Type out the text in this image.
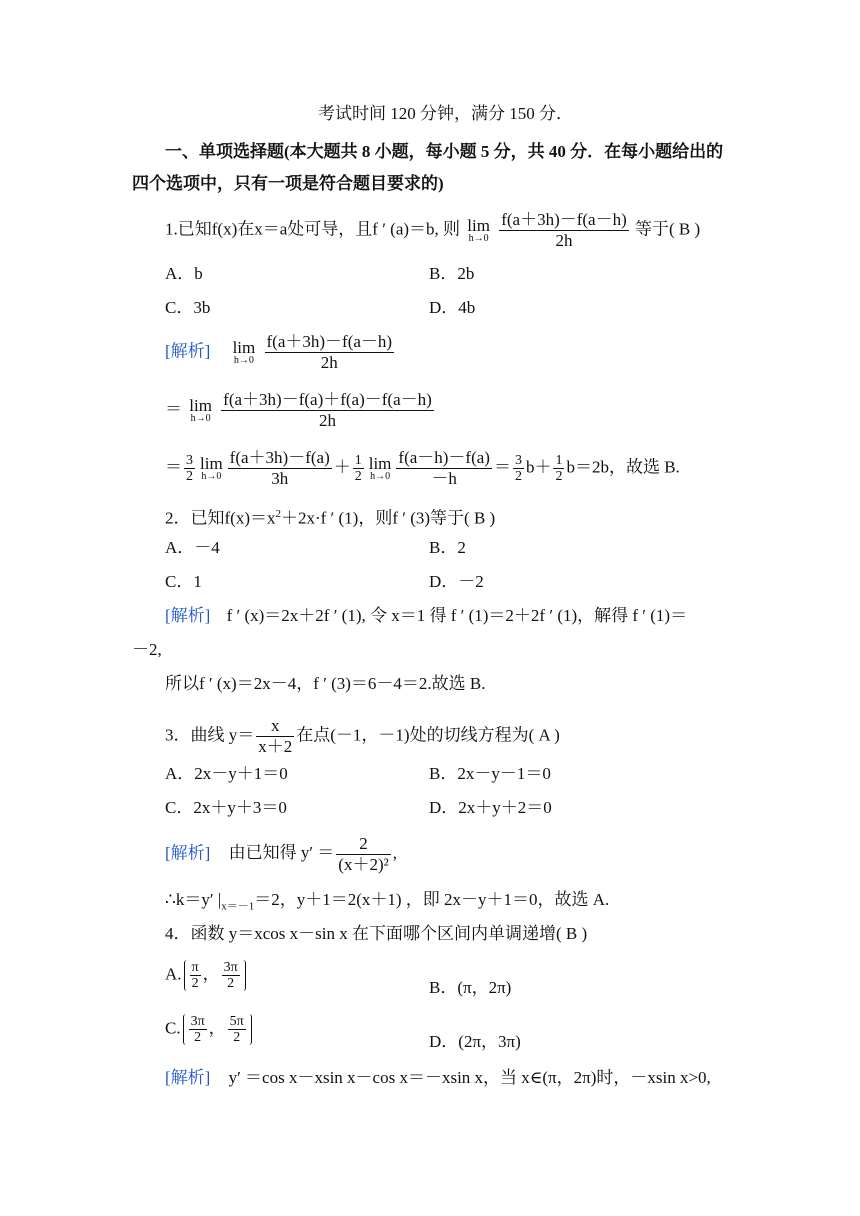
考试时间 120 分钟，满分 150 分．
一、单项选择题(本大题共 8 小题，每小题 5 分，共 40 分．在每小题给出的
四个选项中，只有一项是符合题目要求的)
1.已知f(x)在x＝a处可导，且f ′ (a)＝b, 则 lim
h→0
$\frac{f(a+3h)-f(a-h)}{2h}$ 等于( B )
A．b	B．2b
C．3b	D．4b
[解析] lim
h→0
$\frac{f(a+3h)-f(a-h)}{2h}$
＝ lim
h→0
$\frac{f(a+3h)-f(a)+f(a)-f(a-h)}{2h}$
＝ $\frac{3}{2}$ lim
$h\to 0 \frac{f(a+3h)-f(a)}{3h} + \frac{1}{2}$ lim
$h\to 0 \frac{f(a-h)-f(a)}{-h} = \frac{3}{2} b+ \frac{1}{2} b=2b$，故选 B.
2．已知$f(x)=x^2+2x\cdot f$ ′ (1)，则f ′ (3)等于( B )
A．－4	B．2
C．1	D．－2
[解析] f ′ (x)＝2x＋2f ′ (1), 令 x＝1 得 f ′ (1)＝2＋2f ′ (1)，解得 f ′ (1)＝
－2,
所以f ′ (x)＝2x－4，f ′ (3)＝6－4＝2.故选 B.
3．曲线 $y= \frac{x}{x+2}$ 在点(－1，－1)处的切线方程为( A )
A．2x－y＋1＝0	B．2x－y－1＝0
C．2x＋y＋3＝0	D．2x＋y＋2＝0
[解析] 由已知得 $y' = \frac{2}{\text{(x＋2)²}}$ ,
∴k＝y′ $|_{x=-1}=2$，y＋1＝2(x＋1) ，即 2x－y＋1＝0，故选 A.
4．函数 y＝xcos x－sin x 在下面哪个区间内单调递增( B )
A. $\frac{\pi}{2}$ ， $\frac{3\pi}{2}$	B．(π，2π)
C. $\frac{3\pi}{2}$ ， $\frac{5\pi}{2}$	D．(2π，3π)
[解析] y′ ＝cos x－xsin x－cos x＝－xsin x，当 x∈(π，2π)时，－xsin x>0,
